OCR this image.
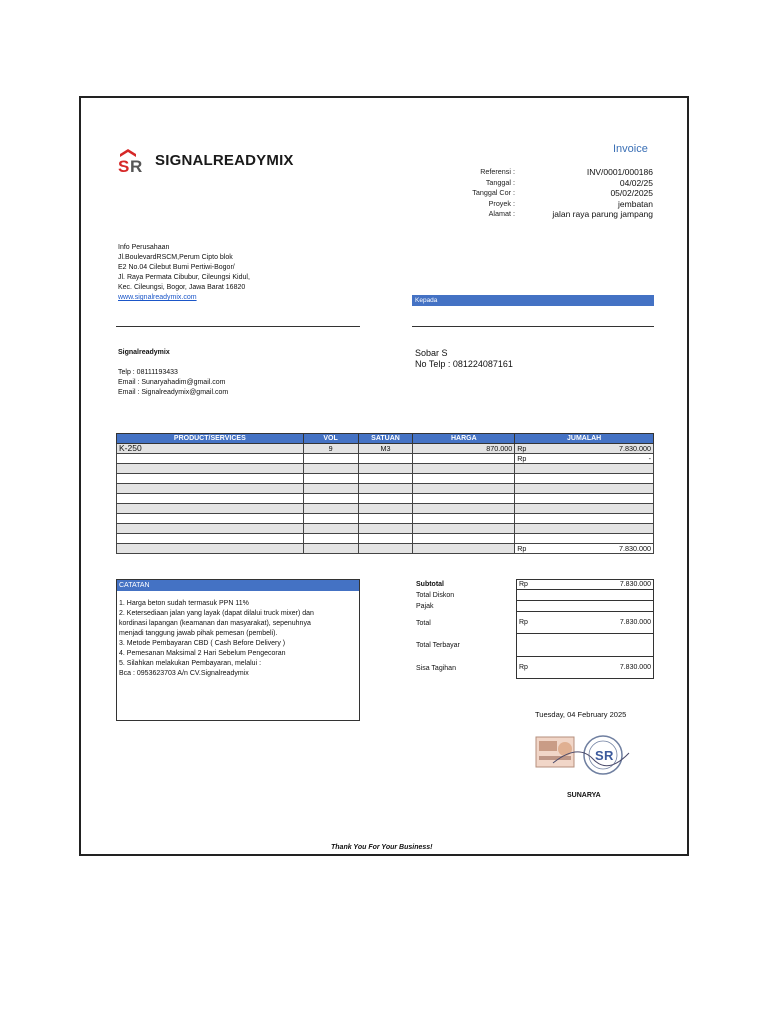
S R SIGNALREADYMIX
Invoice
Referensi :	INV/0001/000186
Tanggal :	04/02/25
Tanggal Cor :	05/02/2025
Proyek :	jembatan
Alamat :	jalan raya parung jampang
Info Perusahaan
Jl.BoulevardRSCM,Perum Cipto blok
E2 No.04 Cilebut Bumi Pertiwi-Bogor/
Jl. Raya Permata Cibubur, Cileungsi Kidul,
Kec. Cileungsi, Bogor, Jawa Barat 16820
www.signalreadymix.com	Kepada
Signalreadymix
Telp : 08111193433
Email : Sunaryahadim@gmail.com
Email : Signalreadymix@gmail.com
Sobar S
No Telp : 081224087161
PRODUCT/SERVICES	VOL	SATUAN	HARGA	JUMALAH
K-250	9	M3	870.000	Rp 7.830.000

				Rp -

				Rp 7.830.000
CATATAN
1. Harga beton sudah termasuk PPN 11%
2. Ketersediaan jalan yang layak (dapat dilalui truck mixer) dan
kordinasi lapangan (keamanan dan masyarakat), sepenuhnya
menjadi tanggung jawab pihak pemesan (pembeli).
3. Metode Pembayaran CBD ( Cash Before Delivery )
4. Pemesanan Maksimal 2 Hari Sebelum Pengecoran
5. Silahkan melakukan Pembayaran, melalui :
Bca : 0953623703 A/n CV.Signalreadymix
Subtotal	Rp	7.830.000
Total Diskon
Pajak
Total	Rp	7.830.000
Total Terbayar
Sisa Tagihan	Rp	7.830.000
Tuesday, 04 February 2025
S R
SUNARYA
Thank You For Your Business!
